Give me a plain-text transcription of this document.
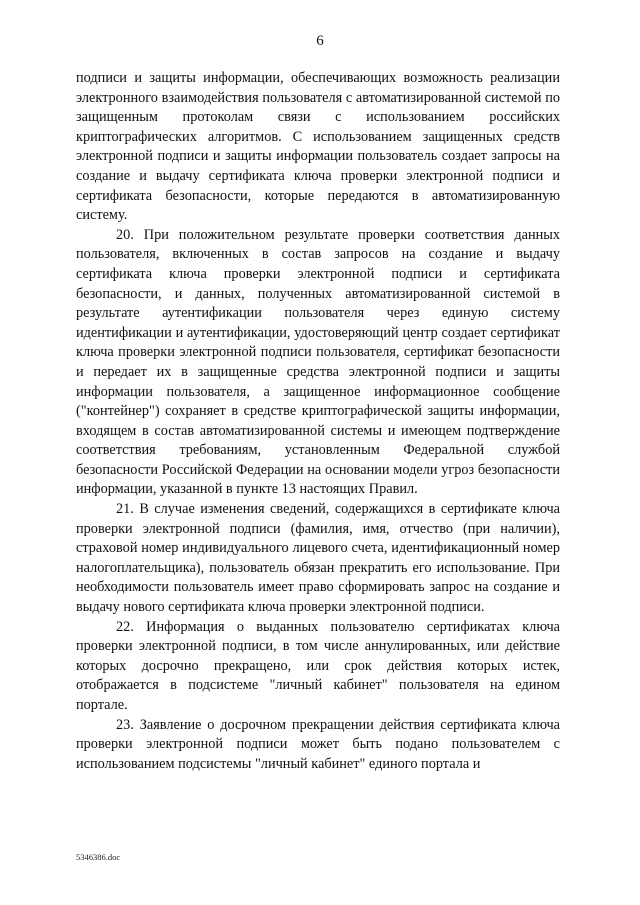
6

подписи и защиты информации, обеспечивающих возможность реализации электронного взаимодействия пользователя с автоматизированной системой по защищенным протоколам связи с использованием российских криптографических алгоритмов. С использованием защищенных средств электронной подписи и защиты информации пользователь создает запросы на создание и выдачу сертификата ключа проверки электронной подписи и сертификата безопасности, которые передаются в автоматизированную систему.

20. При положительном результате проверки соответствия данных пользователя, включенных в состав запросов на создание и выдачу сертификата ключа проверки электронной подписи и сертификата безопасности, и данных, полученных автоматизированной системой в результате аутентификации пользователя через единую систему идентификации и аутентификации, удостоверяющий центр создает сертификат ключа проверки электронной подписи пользователя, сертификат безопасности и передает их в защищенные средства электронной подписи и защиты информации пользователя, а защищенное информационное сообщение ("контейнер") сохраняет в средстве криптографической защиты информации, входящем в состав автоматизированной системы и имеющем подтверждение соответствия требованиям, установленным Федеральной службой безопасности Российской Федерации на основании модели угроз безопасности информации, указанной в пункте 13 настоящих Правил.

21. В случае изменения сведений, содержащихся в сертификате ключа проверки электронной подписи (фамилия, имя, отчество (при наличии), страховой номер индивидуального лицевого счета, идентификационный номер налогоплательщика), пользователь обязан прекратить его использование. При необходимости пользователь имеет право сформировать запрос на создание и выдачу нового сертификата ключа проверки электронной подписи.

22. Информация о выданных пользователю сертификатах ключа проверки электронной подписи, в том числе аннулированных, или действие которых досрочно прекращено, или срок действия которых истек, отображается в подсистеме "личный кабинет" пользователя на едином портале.

23. Заявление о досрочном прекращении действия сертификата ключа проверки электронной подписи может быть подано пользователем с использованием подсистемы "личный кабинет" единого портала и

5346386.doc
